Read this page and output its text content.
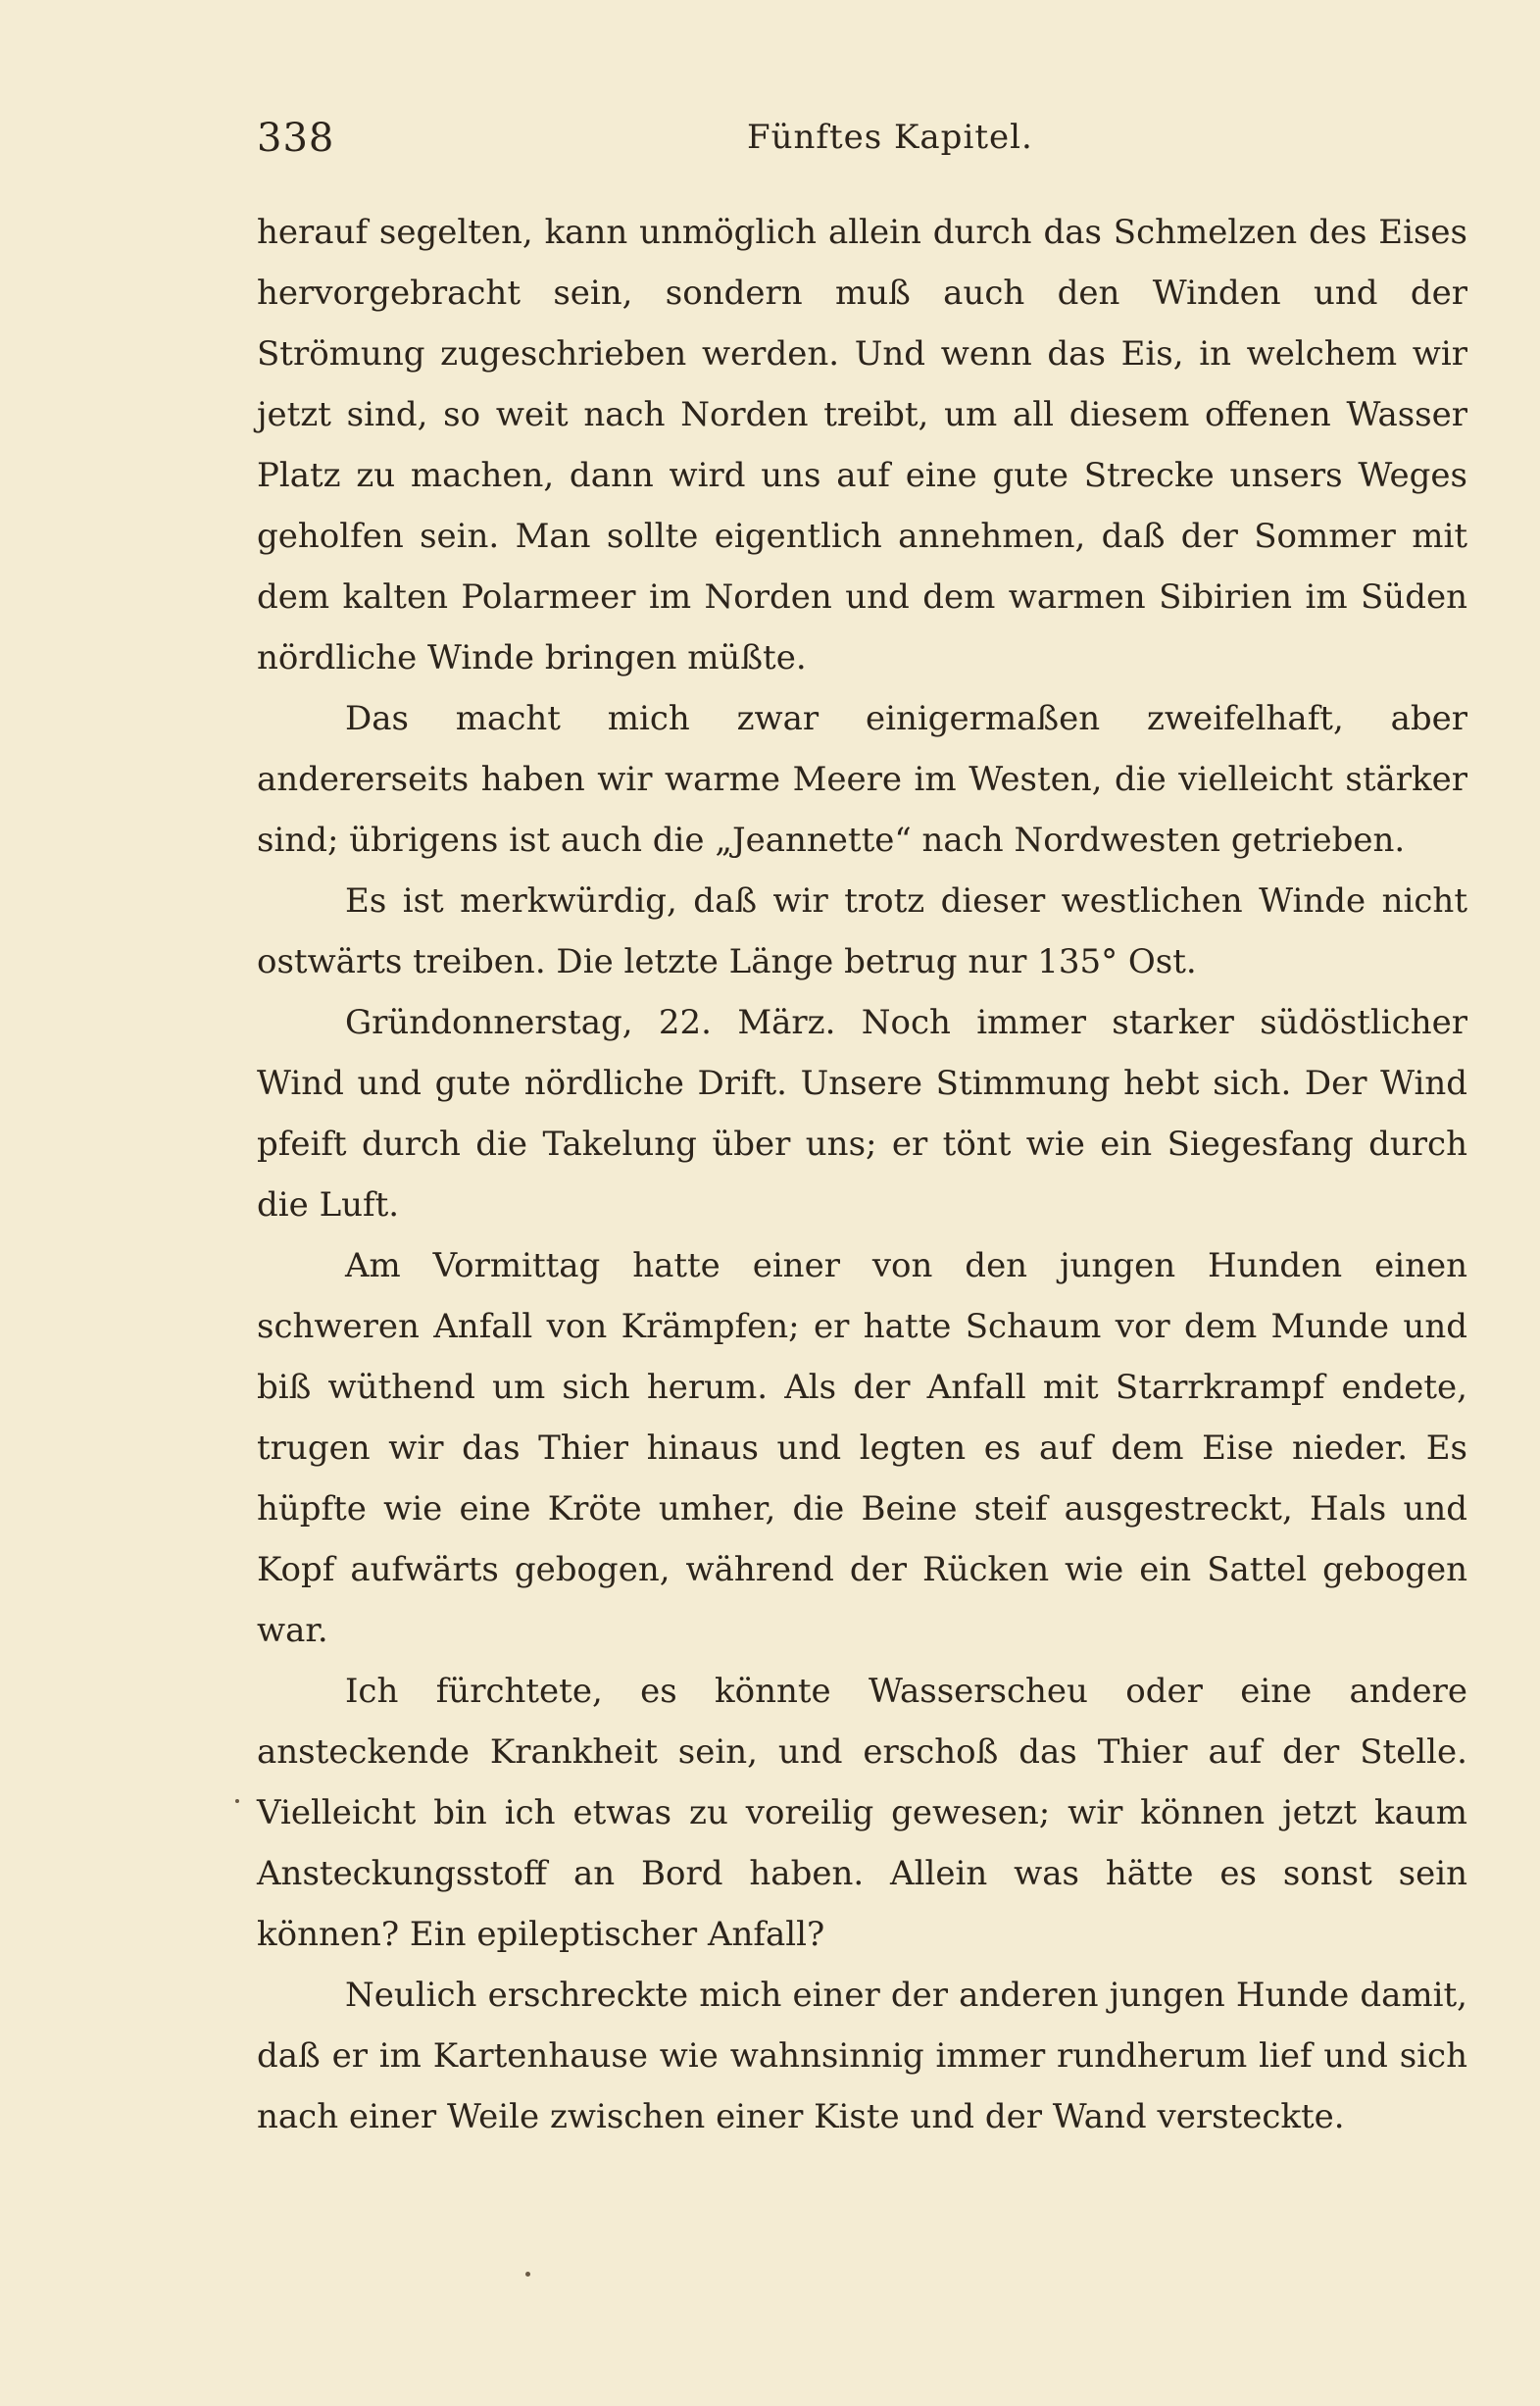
338	Fünftes Kapitel.

herauf segelten, kann unmöglich allein durch das Schmelzen des Eises hervorgebracht sein, sondern muß auch den Winden und der Strömung zugeschrieben werden. Und wenn das Eis, in welchem wir jetzt sind, so weit nach Norden treibt, um all diesem offenen Wasser Platz zu machen, dann wird uns auf eine gute Strecke unsers Weges geholfen sein. Man sollte eigentlich annehmen, daß der Sommer mit dem kalten Polarmeer im Norden und dem warmen Sibirien im Süden nördliche Winde bringen müßte.

Das macht mich zwar einigermaßen zweifelhaft, aber andererseits haben wir warme Meere im Westen, die vielleicht stärker sind; übrigens ist auch die „Jeannette“ nach Nordwesten getrieben.

Es ist merkwürdig, daß wir trotz dieser westlichen Winde nicht ostwärts treiben. Die letzte Länge betrug nur 135° Ost.

Gründonnerstag, 22. März. Noch immer starker südöstlicher Wind und gute nördliche Drift. Unsere Stimmung hebt sich. Der Wind pfeift durch die Takelung über uns; er tönt wie ein Siegesfang durch die Luft.

Am Vormittag hatte einer von den jungen Hunden einen schweren Anfall von Krämpfen; er hatte Schaum vor dem Munde und biß wüthend um sich herum. Als der Anfall mit Starrkrampf endete, trugen wir das Thier hinaus und legten es auf dem Eise nieder. Es hüpfte wie eine Kröte umher, die Beine steif ausgestreckt, Hals und Kopf aufwärts gebogen, während der Rücken wie ein Sattel gebogen war.

Ich fürchtete, es könnte Wasserscheu oder eine andere ansteckende Krankheit sein, und erschoß das Thier auf der Stelle. Vielleicht bin ich etwas zu voreilig gewesen; wir können jetzt kaum Ansteckungsstoff an Bord haben. Allein was hätte es sonst sein können? Ein epileptischer Anfall?

Neulich erschreckte mich einer der anderen jungen Hunde damit, daß er im Kartenhause wie wahnsinnig immer rundherum lief und sich nach einer Weile zwischen einer Kiste und der Wand versteckte.
